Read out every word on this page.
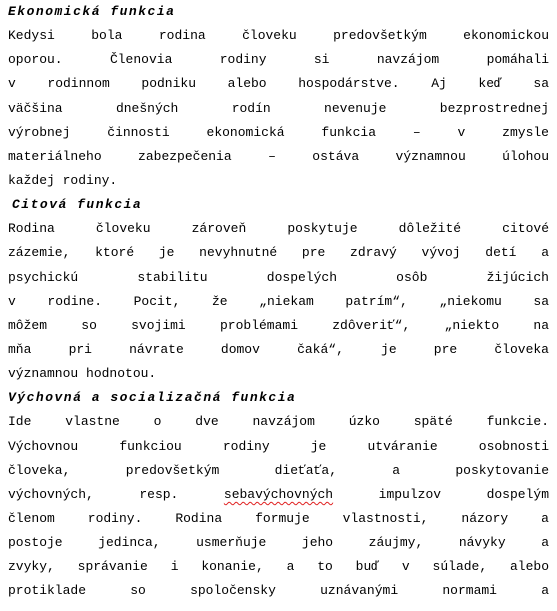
Ekonomická funkcia
Kedysi bola rodina človeku predovšetkým ekonomickou
oporou. Členovia rodiny si navzájom pomáhali
v rodinnom podniku alebo hospodárstve. Aj keď sa
väčšina dnešných rodín nevenuje bezprostrednej
výrobnej činnosti ekonomická funkcia – v zmysle
materiálneho zabezpečenia – ostáva významnou úlohou
každej rodiny.
Citová funkcia
Rodina človeku zároveň poskytuje dôležité citové
zázemie, ktoré je nevyhnutné pre zdravý vývoj detí a
psychickú stabilitu dospelých osôb žijúcich
v rodine. Pocit, že „niekam patrím“, „niekomu sa
môžem so svojimi problémami zdôveriť“, „niekto na
mňa pri návrate domov čaká“, je pre človeka
významnou hodnotou.
Výchovná a socializačná funkcia
Ide vlastne o dve navzájom úzko späté funkcie.
Výchovnou funkciou rodiny je utváranie osobnosti
človeka, predovšetkým dieťaťa, a poskytovanie
výchovných, resp.	sebavýchovných	impulzov dospelým
členom rodiny. Rodina formuje vlastnosti, názory a
postoje jedinca, usmerňuje jeho záujmy, návyky a
zvyky, správanie i konanie, a to buď v súlade, alebo
protiklade so spoločensky uznávanými normami a
